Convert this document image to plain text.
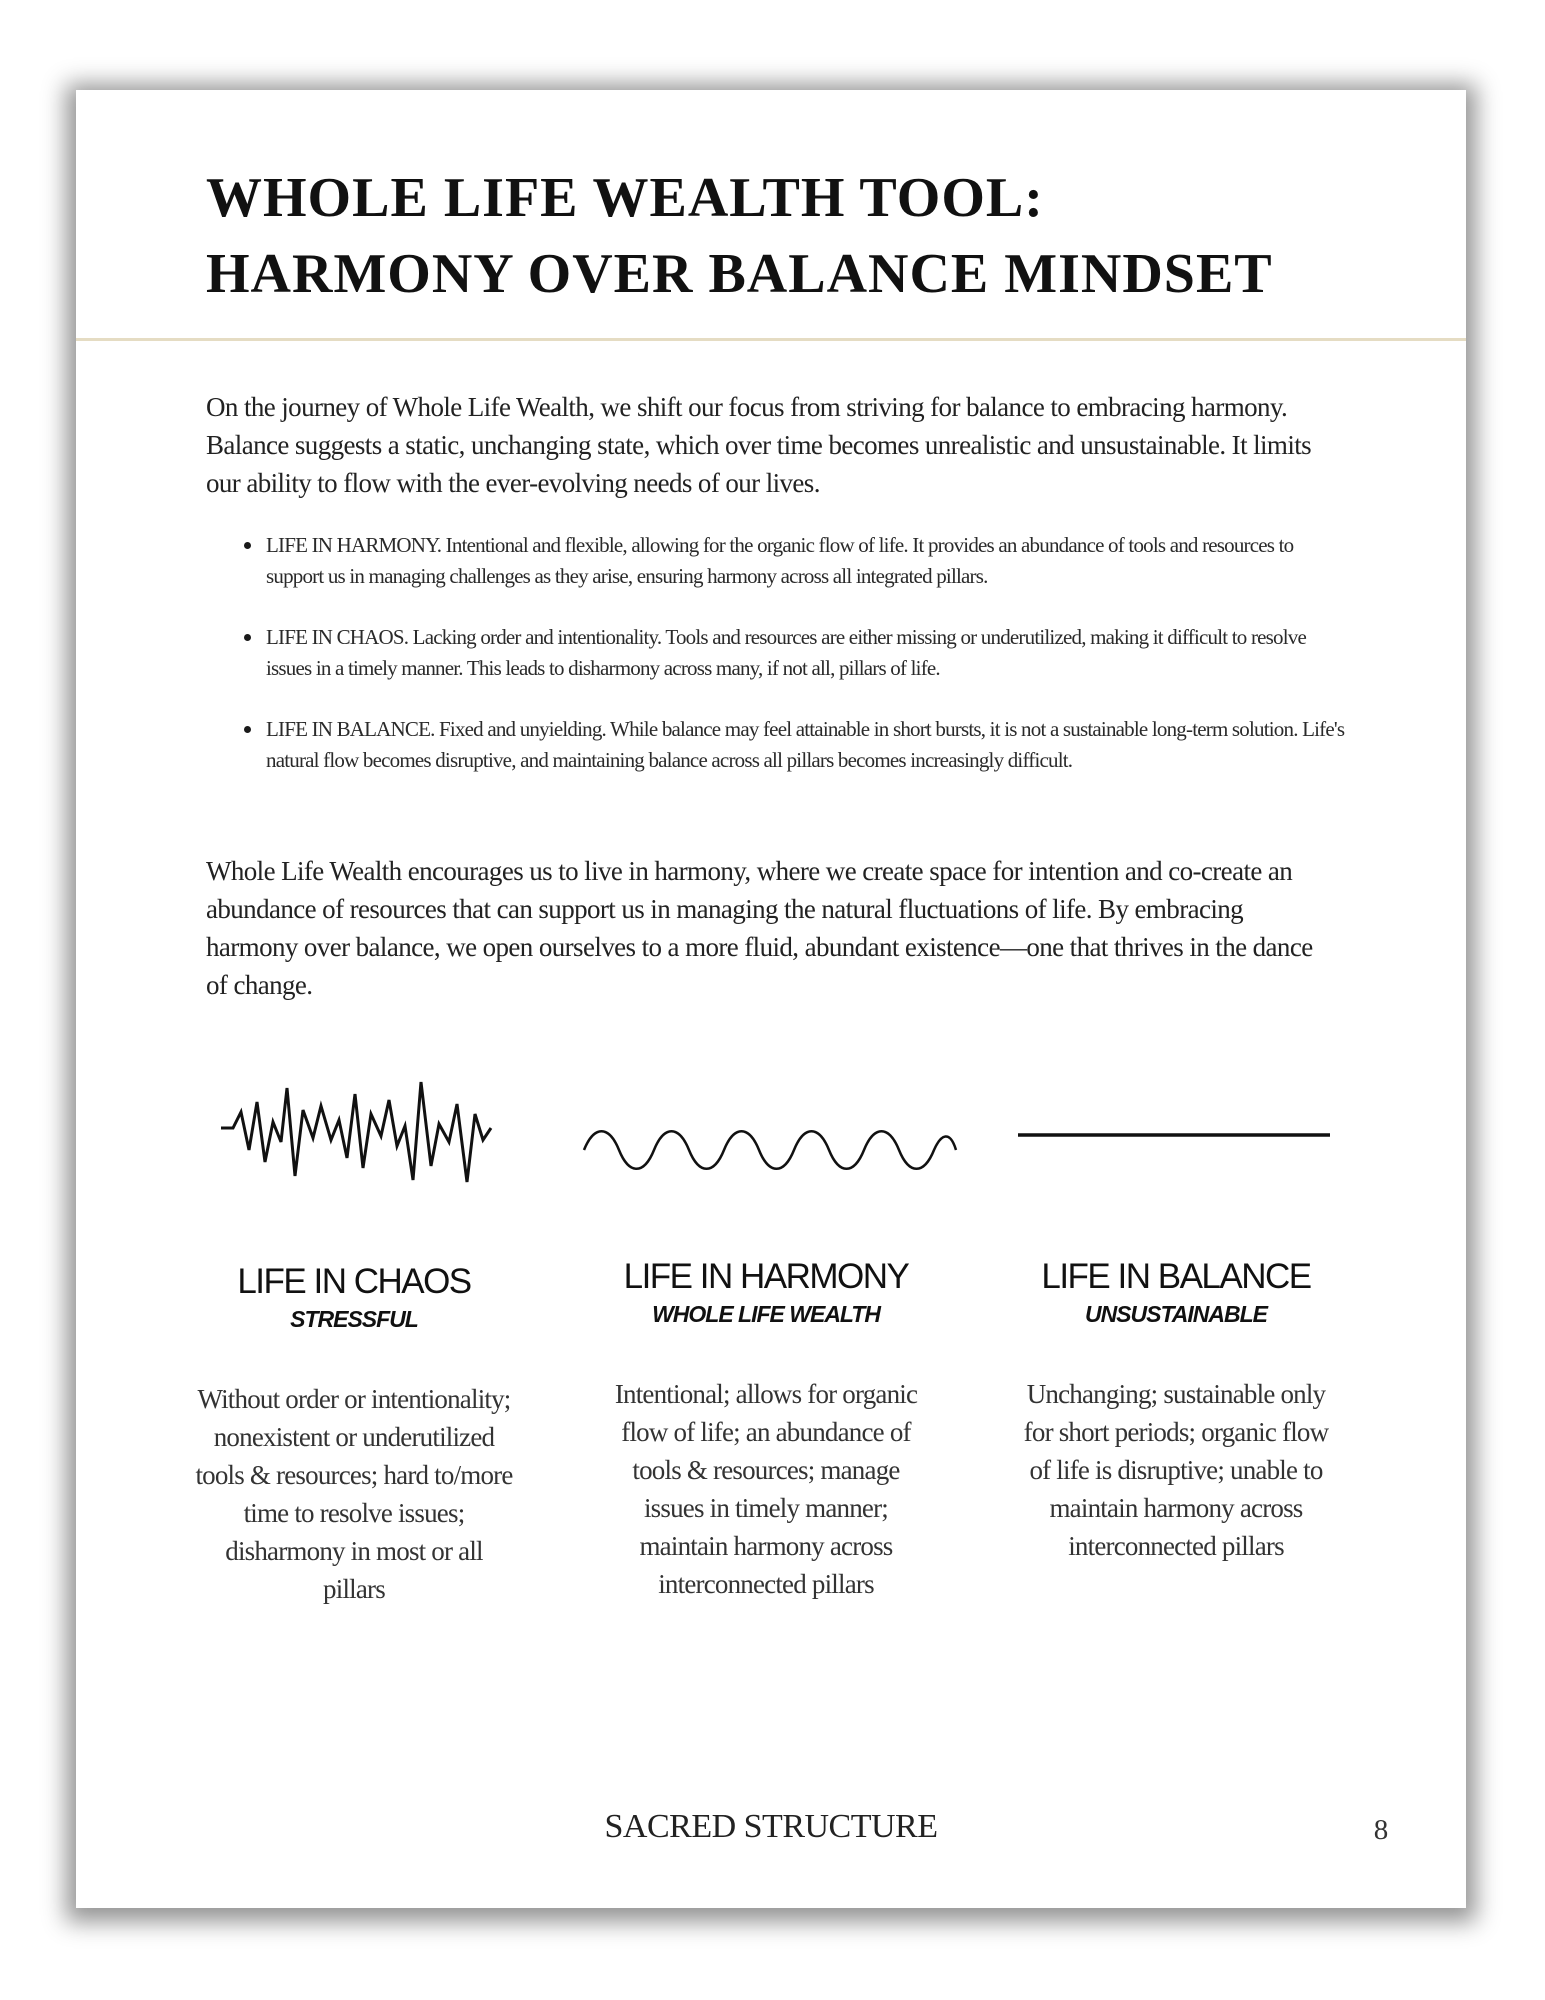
WHOLE LIFE WEALTH TOOL:
HARMONY OVER BALANCE MINDSET

On the journey of Whole Life Wealth, we shift our focus from striving for balance to embracing harmony. Balance suggests a static, unchanging state, which over time becomes unrealistic and unsustainable. It limits our ability to flow with the ever-evolving needs of our lives.

LIFE IN HARMONY. Intentional and flexible, allowing for the organic flow of life. It provides an abundance of tools and resources to support us in managing challenges as they arise, ensuring harmony across all integrated pillars.
LIFE IN CHAOS. Lacking order and intentionality. Tools and resources are either missing or underutilized, making it difficult to resolve issues in a timely manner. This leads to disharmony across many, if not all, pillars of life.
LIFE IN BALANCE. Fixed and unyielding. While balance may feel attainable in short bursts, it is not a sustainable long-term solution. Life's natural flow becomes disruptive, and maintaining balance across all pillars becomes increasingly difficult.

Whole Life Wealth encourages us to live in harmony, where we create space for intention and co-create an abundance of resources that can support us in managing the natural fluctuations of life. By embracing harmony over balance, we open ourselves to a more fluid, abundant existence—one that thrives in the dance of change.

LIFE IN CHAOS
STRESSFUL
Without order or intentionality; nonexistent or underutilized tools & resources; hard to/more time to resolve issues; disharmony in most or all pillars
LIFE IN HARMONY
WHOLE LIFE WEALTH
Intentional; allows for organic flow of life; an abundance of tools & resources; manage issues in timely manner; maintain harmony across interconnected pillars
LIFE IN BALANCE
UNSUSTAINABLE
Unchanging; sustainable only for short periods; organic flow of life is disruptive; unable to maintain harmony across interconnected pillars
SACRED STRUCTURE	8
